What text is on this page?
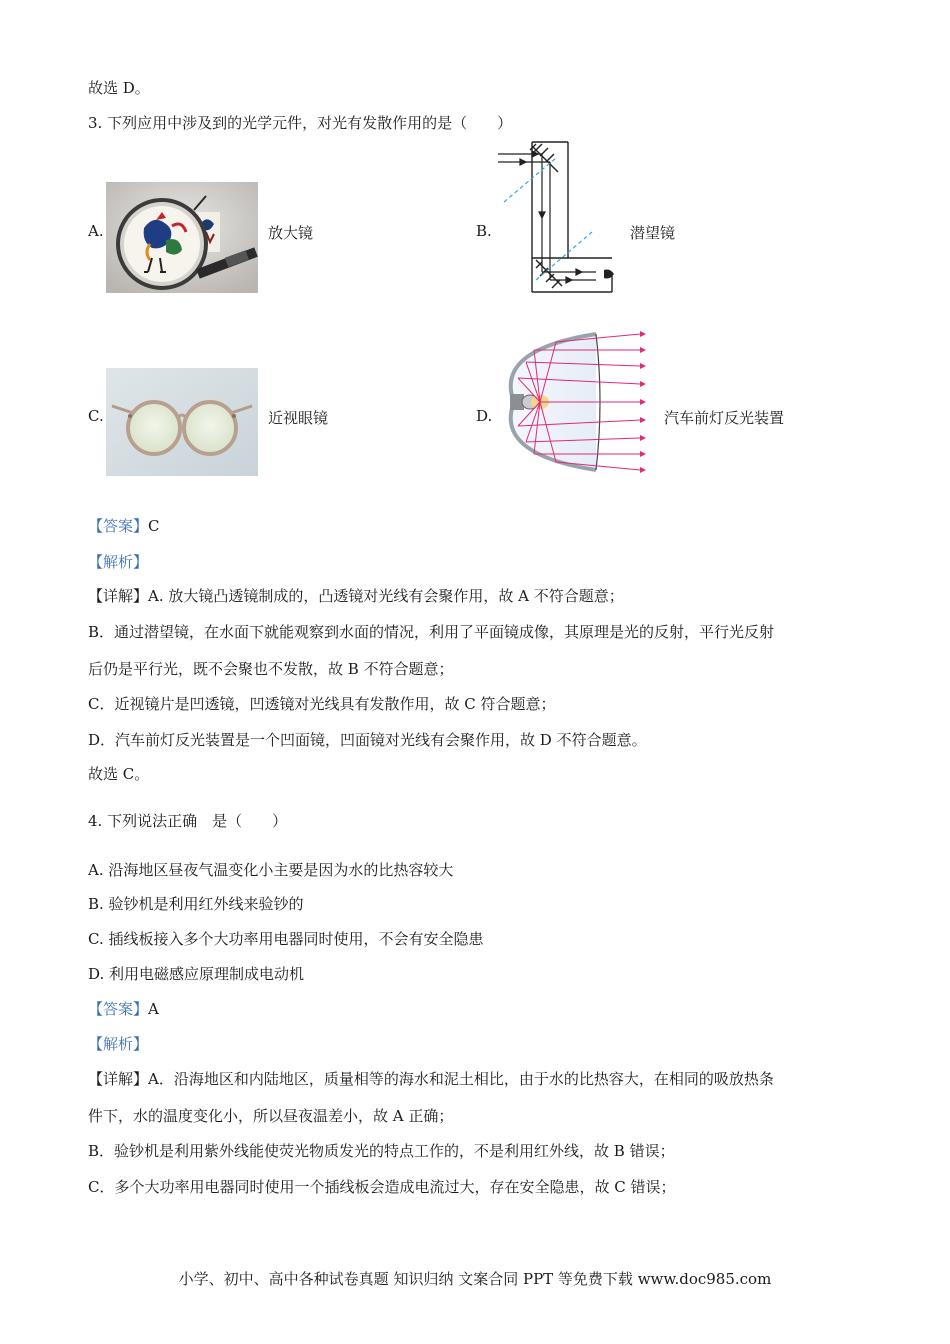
故选 D。
3. 下列应用中涉及到的光学元件，对光有发散作用的是（　　）
A.	放大镜	B.	潜望镜
C.	近视眼镜	D.	汽车前灯反光装置
【答案】C
【解析】
【详解】A. 放大镜凸透镜制成的，凸透镜对光线有会聚作用，故 A 不符合题意；
B．通过潜望镜，在水面下就能观察到水面的情况，利用了平面镜成像，其原理是光的反射，平行光反射
后仍是平行光，既不会聚也不发散，故 B 不符合题意；
C．近视镜片是凹透镜，凹透镜对光线具有发散作用，故 C 符合题意；
D．汽车前灯反光装置是一个凹面镜，凹面镜对光线有会聚作用，故 D 不符合题意。
故选 C。
4. 下列说法正确　是（　　）
A. 沿海地区昼夜气温变化小主要是因为水的比热容较大
B. 验钞机是利用红外线来验钞的
C. 插线板接入多个大功率用电器同时使用，不会有安全隐患
D. 利用电磁感应原理制成电动机
【答案】A
【解析】
【详解】A．沿海地区和内陆地区，质量相等的海水和泥土相比，由于水的比热容大，在相同的吸放热条
件下，水的温度变化小，所以昼夜温差小，故 A 正确；
B．验钞机是利用紫外线能使荧光物质发光的特点工作的，不是利用红外线，故 B 错误；
C．多个大功率用电器同时使用一个插线板会造成电流过大，存在安全隐患，故 C 错误；
小学、初中、高中各种试卷真题 知识归纳 文案合同 PPT 等免费下载 www.doc985.com
